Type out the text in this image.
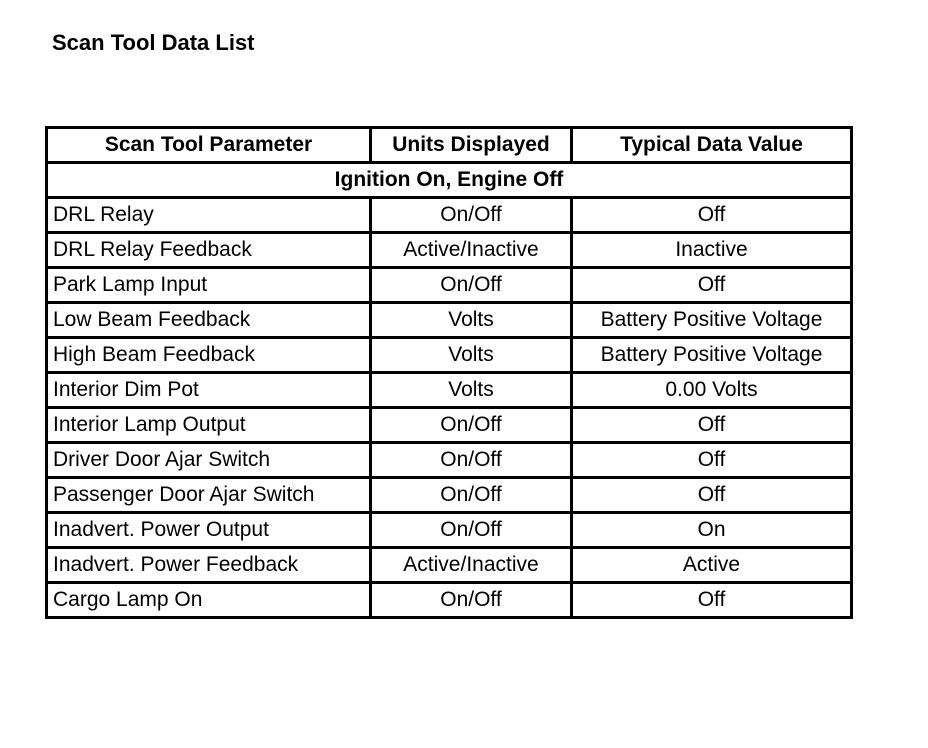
Scan Tool Data List
Scan Tool Parameter	Units Displayed	Typical Data Value
Ignition On, Engine Off		
DRL Relay	On/Off	Off
DRL Relay Feedback	Active/Inactive	Inactive
Park Lamp Input	On/Off	Off
Low Beam Feedback	Volts	Battery Positive Voltage
High Beam Feedback	Volts	Battery Positive Voltage
Interior Dim Pot	Volts	0.00 Volts
Interior Lamp Output	On/Off	Off
Driver Door Ajar Switch	On/Off	Off
Passenger Door Ajar Switch	On/Off	Off
Inadvert. Power Output	On/Off	On
Inadvert. Power Feedback	Active/Inactive	Active
Cargo Lamp On	On/Off	Off
